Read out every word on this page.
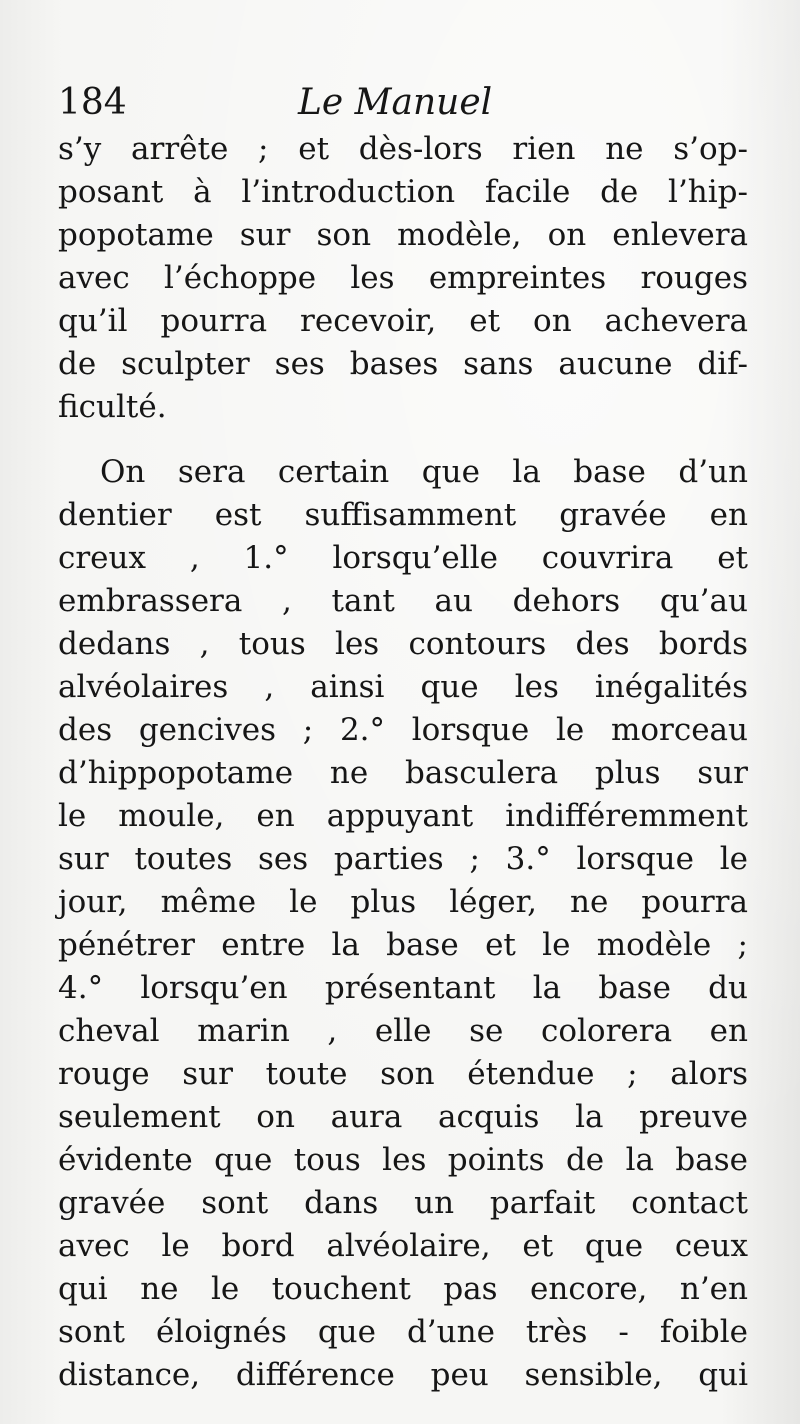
184	Le Manuel
s’y arrête ; et dès-lors rien ne s’op-
posant à l’introduction facile de l’hip-
popotame sur son modèle, on enlevera
avec l’échoppe les empreintes rouges
qu’il pourra recevoir, et on achevera
de sculpter ses bases sans aucune dif-
ficulté.
On sera certain que la base d’un
dentier est suffisamment gravée en
creux , 1.° lorsqu’elle couvrira et
embrassera , tant au dehors qu’au
dedans , tous les contours des bords
alvéolaires , ainsi que les inégalités
des gencives ; 2.° lorsque le morceau
d’hippopotame ne basculera plus sur
le moule, en appuyant indifféremment
sur toutes ses parties ; 3.° lorsque le
jour, même le plus léger, ne pourra
pénétrer entre la base et le modèle ;
4.° lorsqu’en présentant la base du
cheval marin , elle se colorera en
rouge sur toute son étendue ; alors
seulement on aura acquis la preuve
évidente que tous les points de la base
gravée sont dans un parfait contact
avec le bord alvéolaire, et que ceux
qui ne le touchent pas encore, n’en
sont éloignés que d’une très - foible
distance, différence peu sensible, qui
